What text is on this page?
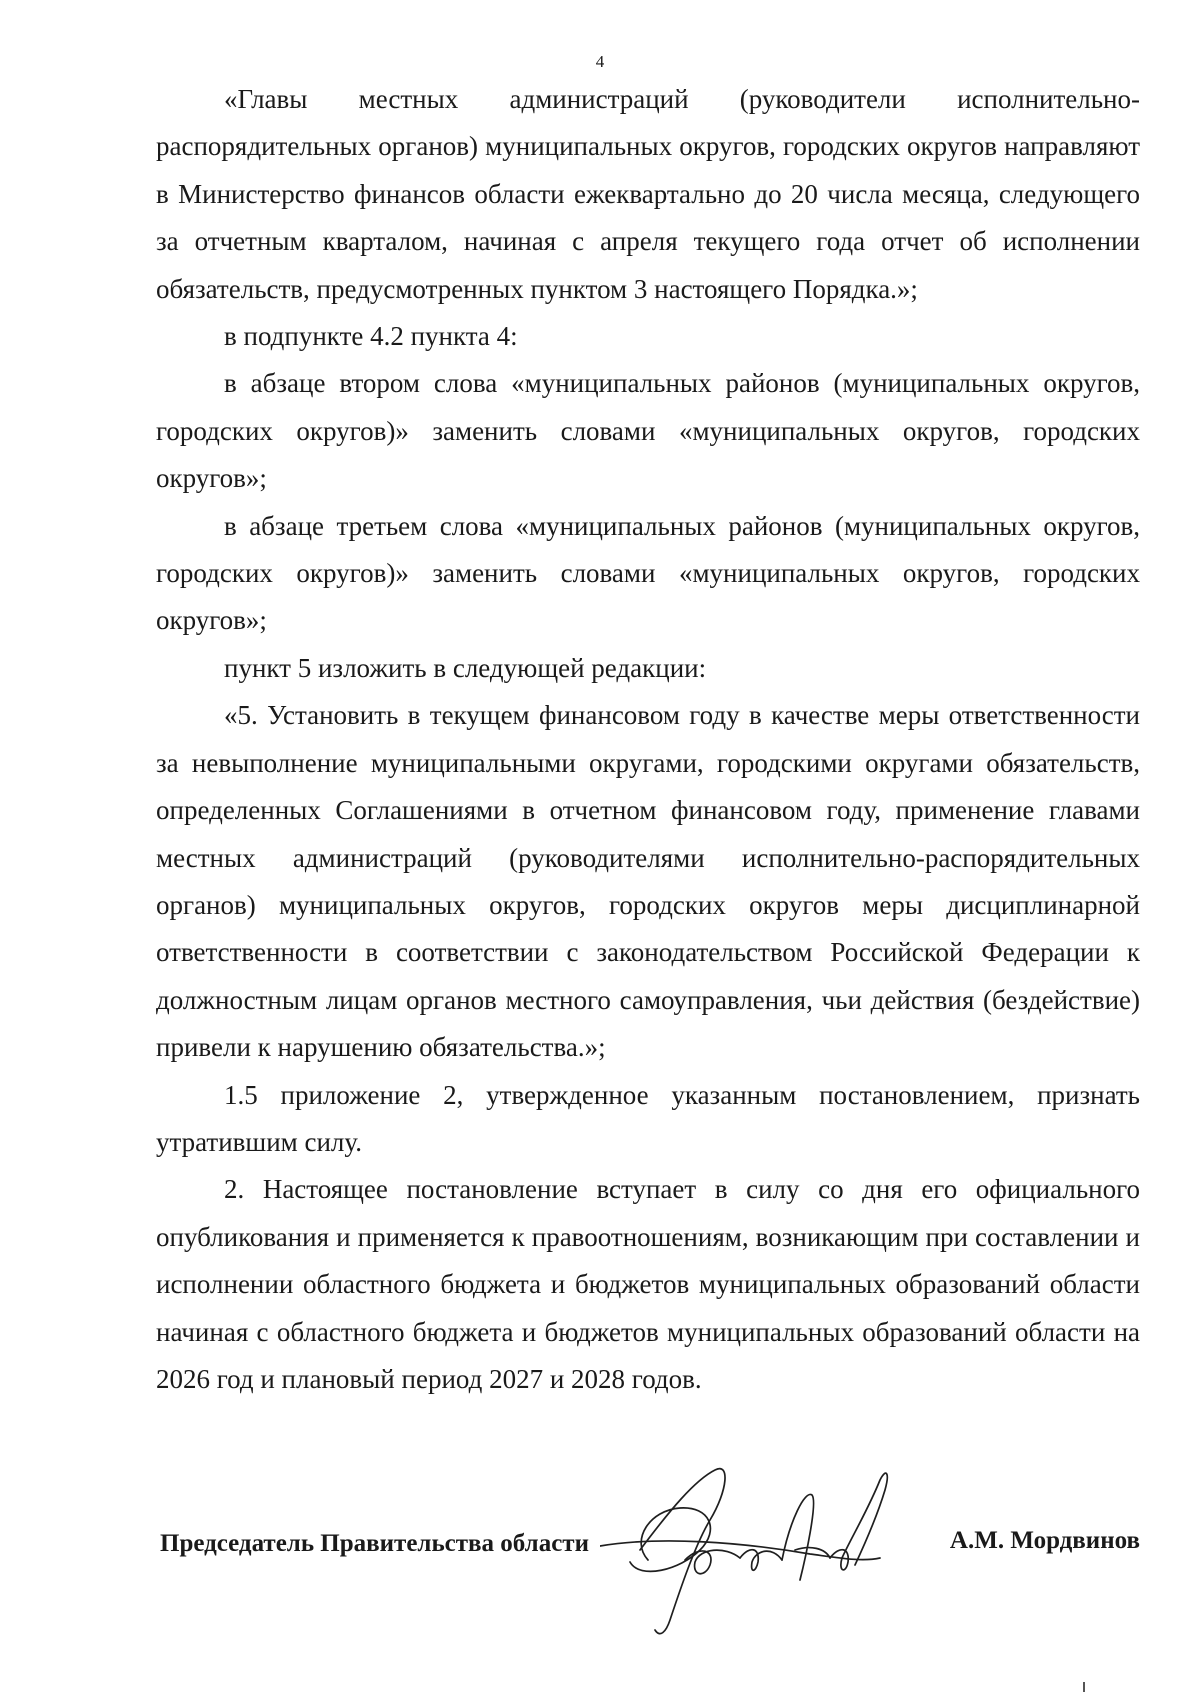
4

«Главы местных администраций (руководители исполнительно-распорядительных органов) муниципальных округов, городских округов направляют в Министерство финансов области ежеквартально до 20 числа месяца, следующего за отчетным кварталом, начиная с апреля текущего года отчет об исполнении обязательств, предусмотренных пунктом 3 настоящего Порядка.»;

в подпункте 4.2 пункта 4:

в абзаце втором слова «муниципальных районов (муниципальных округов, городских округов)» заменить словами «муниципальных округов, городских округов»;

в абзаце третьем слова «муниципальных районов (муниципальных округов, городских округов)» заменить словами «муниципальных округов, городских округов»;

пункт 5 изложить в следующей редакции:

«5. Установить в текущем финансовом году в качестве меры ответственности за невыполнение муниципальными округами, городскими округами обязательств, определенных Соглашениями в отчетном финансовом году, применение главами местных администраций (руководителями исполнительно-распорядительных органов) муниципальных округов, городских округов меры дисциплинарной ответственности в соответствии с законодательством Российской Федерации к должностным лицам органов местного самоуправления, чьи действия (бездействие) привели к нарушению обязательства.»;

1.5 приложение 2, утвержденное указанным постановлением, признать утратившим силу.

2. Настоящее постановление вступает в силу со дня его официального опубликования и применяется к правоотношениям, возникающим при составлении и исполнении областного бюджета и бюджетов муниципальных образований области начиная с областного бюджета и бюджетов муниципальных образований области на 2026 год и плановый период 2027 и 2028 годов.

Председатель Правительства области	А.М. Мордвинов
